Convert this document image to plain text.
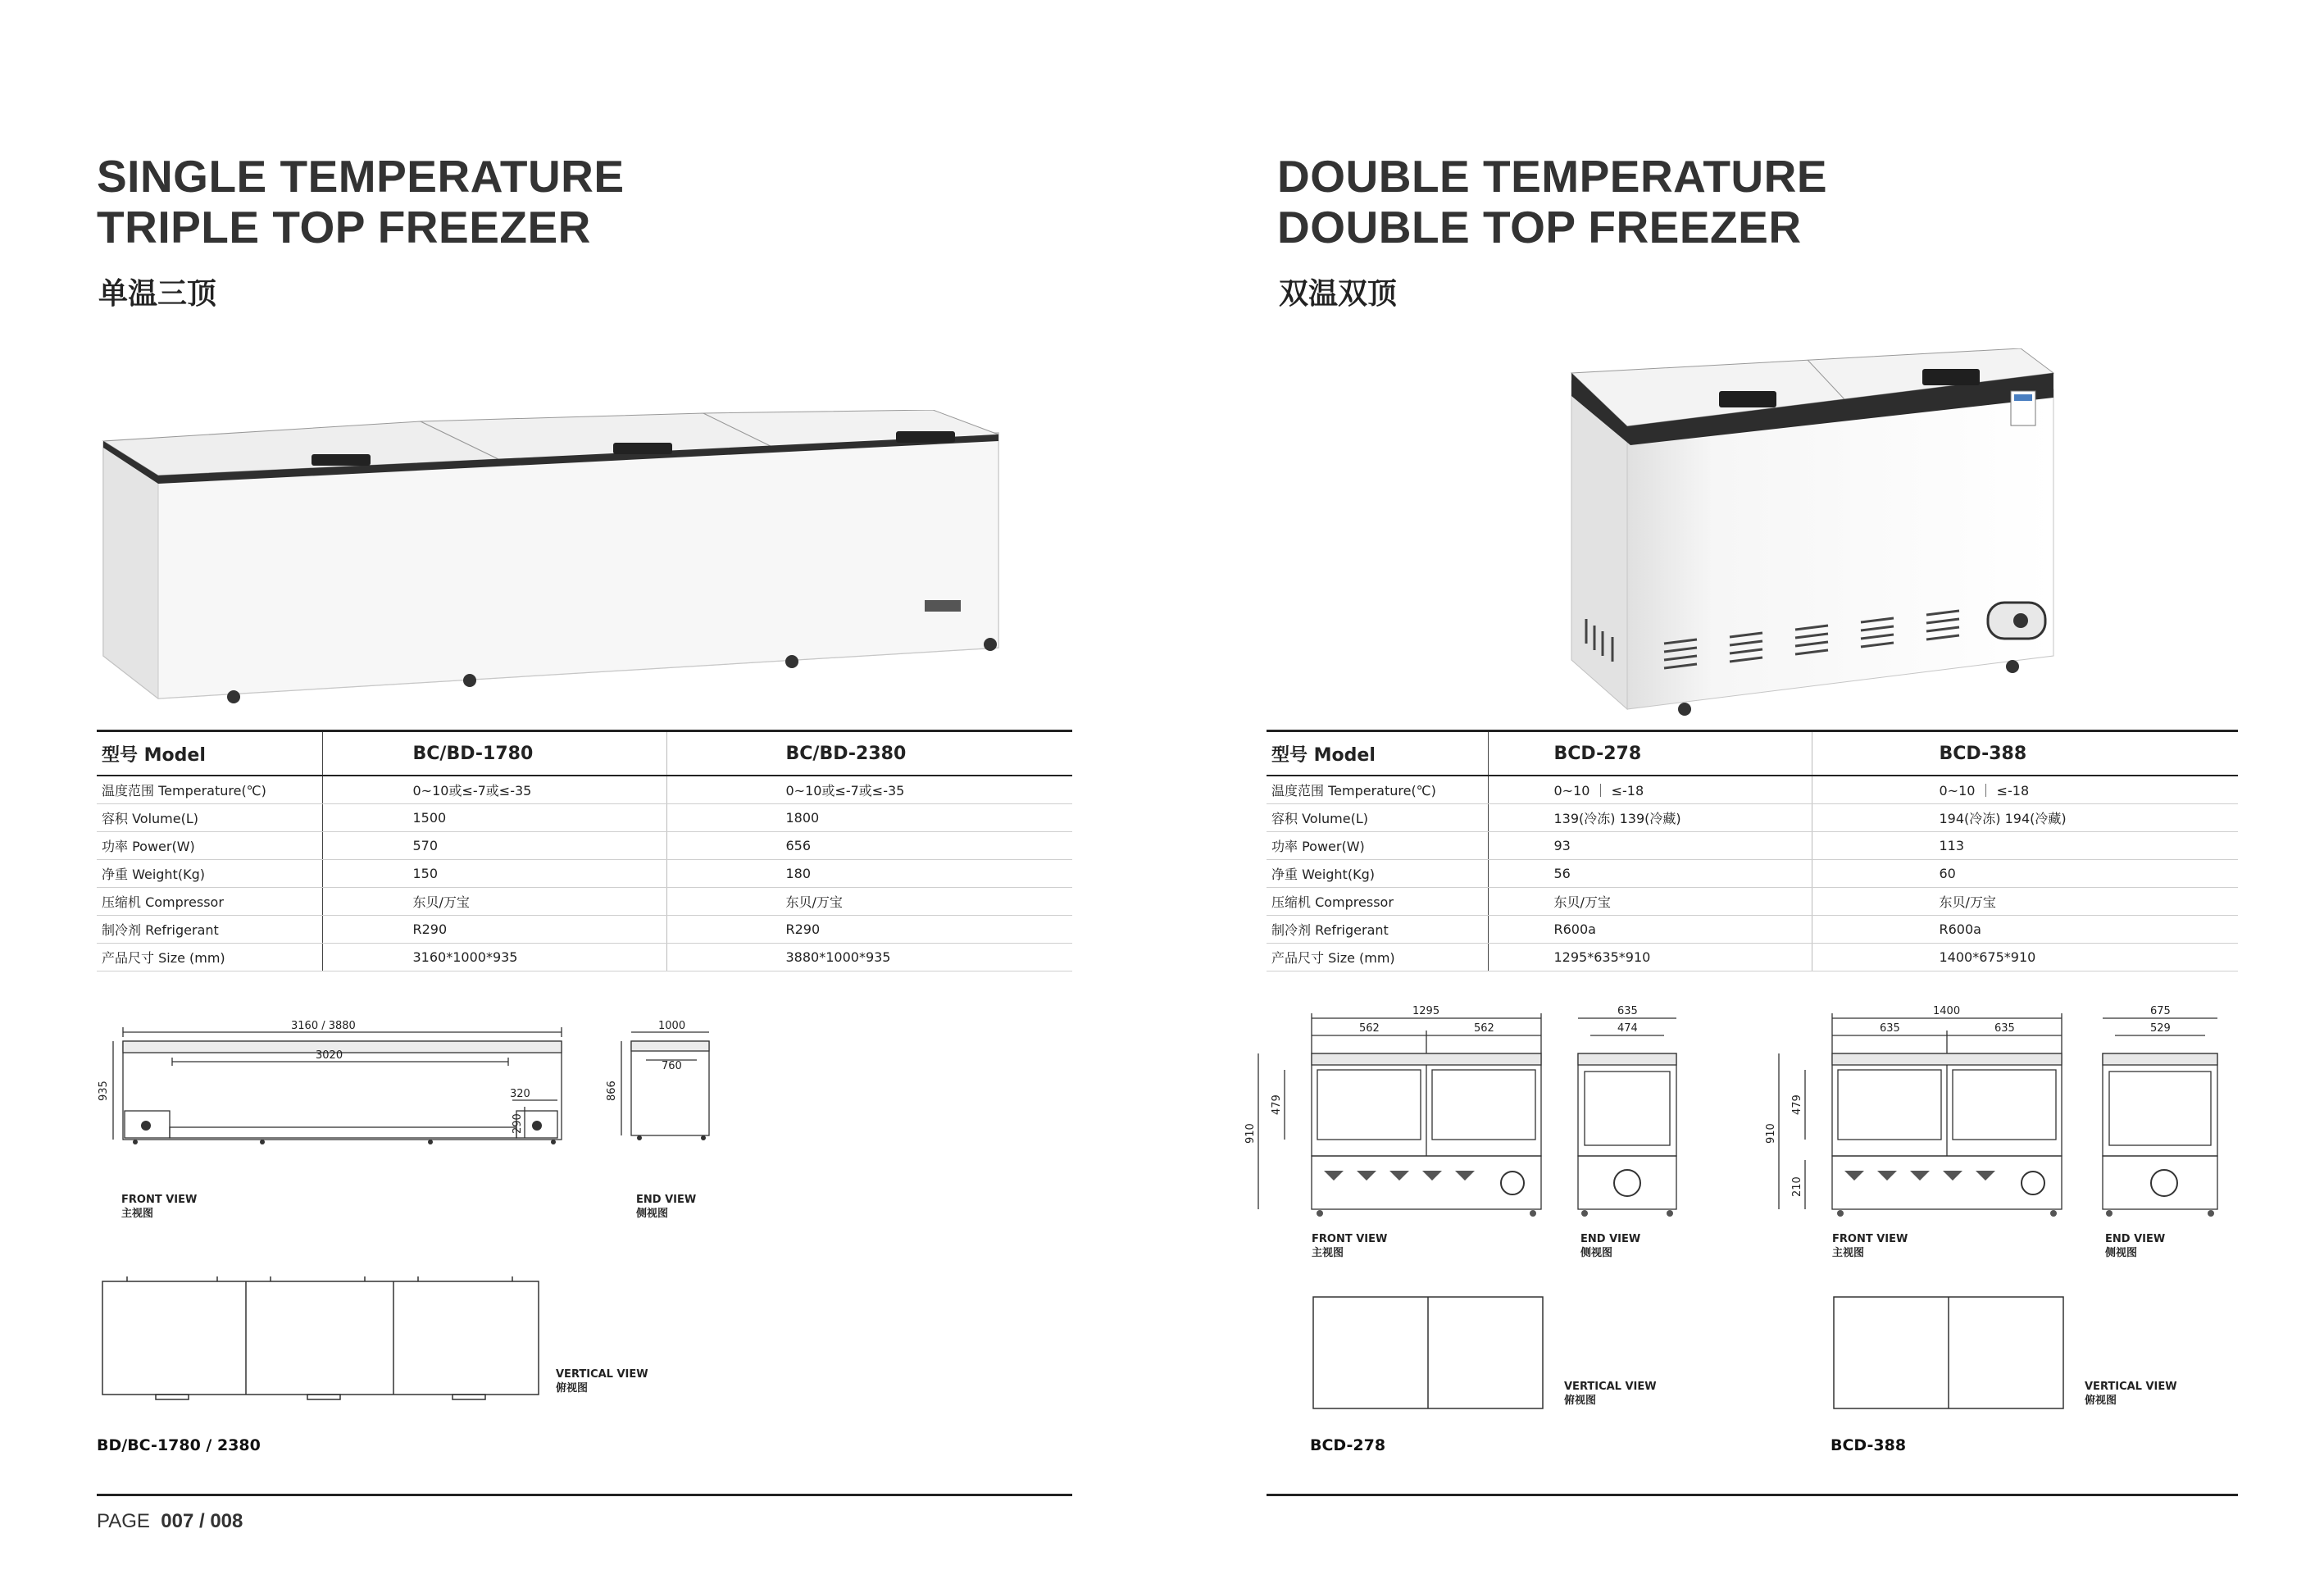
SINGLE TEMPERATURE
TRIPLE TOP FREEZER
单温三顶
型号 Model	BC/BD-1780	BC/BD-2380
温度范围 Temperature(℃)	0~10或≤-7或≤-35	0~10或≤-7或≤-35
容积 Volume(L)	1500	1800
功率 Power(W)	570	656
净重 Weight(Kg)	150	180
压缩机 Compressor	东贝/万宝	东贝/万宝
制冷剂 Refrigerant	R290	R290
产品尺寸 Size (mm)	3160*1000*935	3880*1000*935
3160 / 3880
3020
320
935
290
1000
760
866
FRONT VIEW
主视图
END VIEW
侧视图
VERTICAL VIEW
俯视图
BD/BC-1780 / 2380
PAGE 007 / 008
DOUBLE TEMPERATURE
DOUBLE TOP FREEZER
双温双顶
型号 Model	BCD-278	BCD-388
温度范围 Temperature(℃)	0~10 ｜ ≤-18	0~10 ｜ ≤-18
容积 Volume(L)	139(冷冻) 139(冷藏)	194(冷冻) 194(冷藏)
功率 Power(W)	93	113
净重 Weight(Kg)	56	60
压缩机 Compressor	东贝/万宝	东贝/万宝
制冷剂 Refrigerant	R600a	R600a
产品尺寸 Size (mm)	1295*635*910	1400*675*910
1295
562	562
635
474
910
479
FRONT VIEW
主视图
END VIEW
侧视图
VERTICAL VIEW
俯视图
BCD-278
1400
635	635
675
529
910
479
210
FRONT VIEW
主视图
END VIEW
侧视图
VERTICAL VIEW
俯视图
BCD-388
